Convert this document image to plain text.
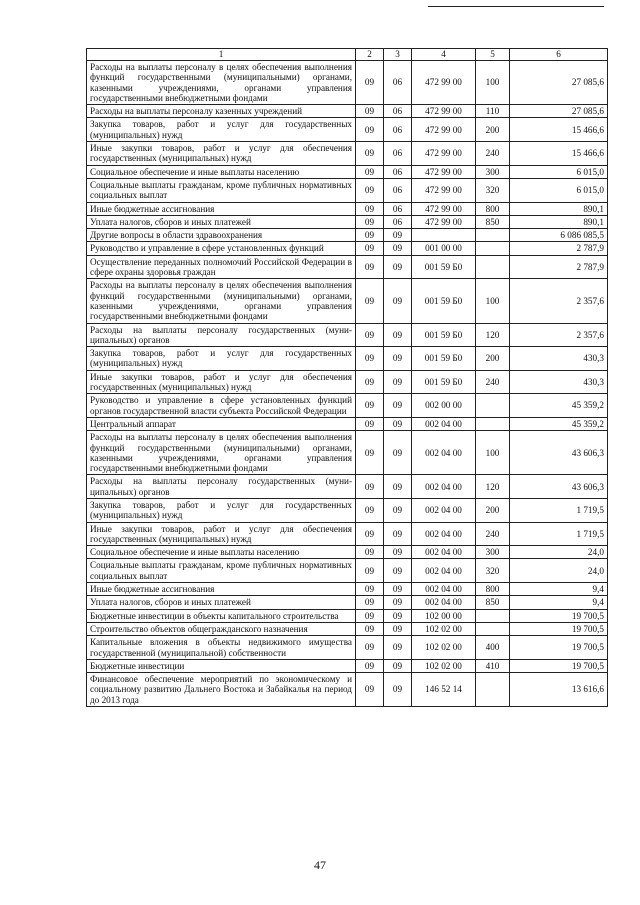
1	2	3	4	5	6
Расходы на выплаты персоналу в целях обеспечения выполнения функций государственными (муниципальными) органами, казенными учреждениями, органами управления государственными внебюджетными фондами	09	06	472 99 00	100	27 085,6
Расходы на выплаты персоналу казенных учреждений	09	06	472 99 00	110	27 085,6
Закупка товаров, работ и услуг для государственных (муниципальных) нужд	09	06	472 99 00	200	15 466,6
Иные закупки товаров, работ и услуг для обеспечения государственных (муниципальных) нужд	09	06	472 99 00	240	15 466,6
Социальное обеспечение и иные выплаты населению	09	06	472 99 00	300	6 015,0
Социальные выплаты гражданам, кроме публичных нормативных социальных выплат	09	06	472 99 00	320	6 015,0
Иные бюджетные ассигнования	09	06	472 99 00	800	890,1
Уплата налогов, сборов и иных платежей	09	06	472 99 00	850	890,1
Другие вопросы в области здравоохранения	09	09			6 086 085,5
Руководство и управление в сфере установленных функций	09	09	001 00 00		2 787,9
Осуществление переданных полномочий Российской Федерации в сфере охраны здоровья граждан	09	09	001 59 Б0		2 787,9
Расходы на выплаты персоналу в целях обеспечения выполнения функций государственными (муниципальными) органами, казенными учреждениями, органами управления государственными внебюджетными фондами	09	09	001 59 Б0	100	2 357,6
Расходы на выплаты персоналу государственных (муниципальных) органов	09	09	001 59 Б0	120	2 357,6
Закупка товаров, работ и услуг для государственных (муниципальных) нужд	09	09	001 59 Б0	200	430,3
Иные закупки товаров, работ и услуг для обеспечения государственных (муниципальных) нужд	09	09	001 59 Б0	240	430,3
Руководство и управление в сфере установленных функций органов государственной власти субъекта Российской Федерации	09	09	002 00 00		45 359,2
Центральный аппарат	09	09	002 04 00		45 359,2
Расходы на выплаты персоналу в целях обеспечения выполнения функций государственными (муниципальными) органами, казенными учреждениями, органами управления государственными внебюджетными фондами	09	09	002 04 00	100	43 606,3
Расходы на выплаты персоналу государственных (муниципальных) органов	09	09	002 04 00	120	43 606,3
Закупка товаров, работ и услуг для государственных (муниципальных) нужд	09	09	002 04 00	200	1 719,5
Иные закупки товаров, работ и услуг для обеспечения государственных (муниципальных) нужд	09	09	002 04 00	240	1 719,5
Социальное обеспечение и иные выплаты населению	09	09	002 04 00	300	24,0
Социальные выплаты гражданам, кроме публичных нормативных социальных выплат	09	09	002 04 00	320	24,0
Иные бюджетные ассигнования	09	09	002 04 00	800	9,4
Уплата налогов, сборов и иных платежей	09	09	002 04 00	850	9,4
Бюджетные инвестиции в объекты капитального строительства	09	09	102 00 00		19 700,5
Строительство объектов общегражданского назначения	09	09	102 02 00		19 700,5
Капитальные вложения в объекты недвижимого имущества государственной (муниципальной) собственности	09	09	102 02 00	400	19 700,5
Бюджетные инвестиции	09	09	102 02 00	410	19 700,5
Финансовое обеспечение мероприятий по экономическому и социальному развитию Дальнего Востока и Забайкалья на период до 2013 года	09	09	146 52 14		13 616,6
47
